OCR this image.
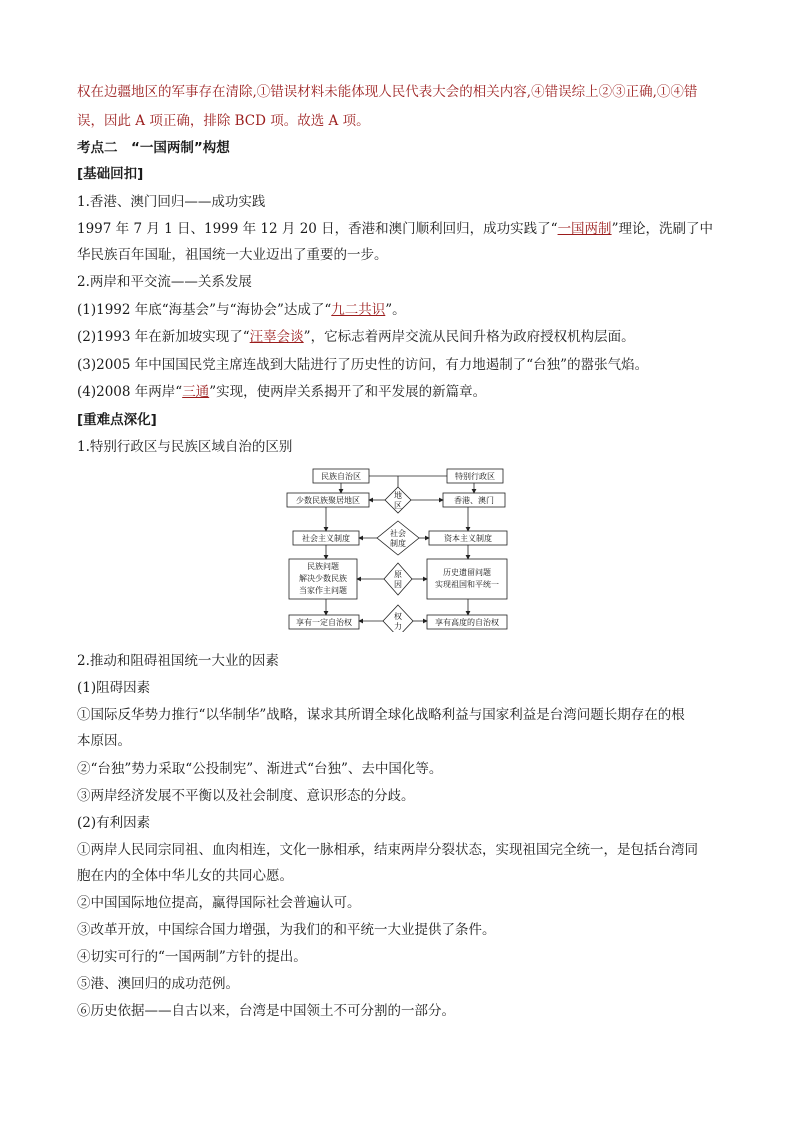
权在边疆地区的军事存在清除,①错误材料未能体现人民代表大会的相关内容,④错误综上②③正确,①④错
误，因此 A 项正确，排除 BCD 项。故选 A 项。
考点二　“一国两制”构想
[基础回扣]
1.香港、澳门回归——成功实践
1997 年 7 月 1 日、1999 年 12 月 20 日，香港和澳门顺利回归，成功实践了“一国两制”理论，洗刷了中
华民族百年国耻，祖国统一大业迈出了重要的一步。
2.两岸和平交流——关系发展
(1)1992 年底“海基会”与“海协会”达成了“九二共识”。
(2)1993 年在新加坡实现了“汪辜会谈”，它标志着两岸交流从民间升格为政府授权机构层面。
(3)2005 年中国国民党主席连战到大陆进行了历史性的访问，有力地遏制了“台独”的嚣张气焰。
(4)2008 年两岸“三通”实现，使两岸关系揭开了和平发展的新篇章。
[重难点深化]
1.特别行政区与民族区域自治的区别
民族自治区
少数民族聚居地区
社会主义制度
民族问题
解决少数民族
当家作主问题
享有一定自治权
特别行政区
香港、澳门
资本主义制度
历史遗留问题
实现祖国和平统一
享有高度的自治权
地
区
社会
制度
原
因
权
力
2.推动和阻碍祖国统一大业的因素
(1)阻碍因素
①国际反华势力推行“以华制华”战略，谋求其所谓全球化战略利益与国家利益是台湾问题长期存在的根
本原因。
②“台独”势力采取“公投制宪”、渐进式“台独”、去中国化等。
③两岸经济发展不平衡以及社会制度、意识形态的分歧。
(2)有利因素
①两岸人民同宗同祖、血肉相连，文化一脉相承，结束两岸分裂状态，实现祖国完全统一，是包括台湾同
胞在内的全体中华儿女的共同心愿。
②中国国际地位提高，赢得国际社会普遍认可。
③改革开放，中国综合国力增强，为我们的和平统一大业提供了条件。
④切实可行的“一国两制”方针的提出。
⑤港、澳回归的成功范例。
⑥历史依据——自古以来，台湾是中国领土不可分割的一部分。
